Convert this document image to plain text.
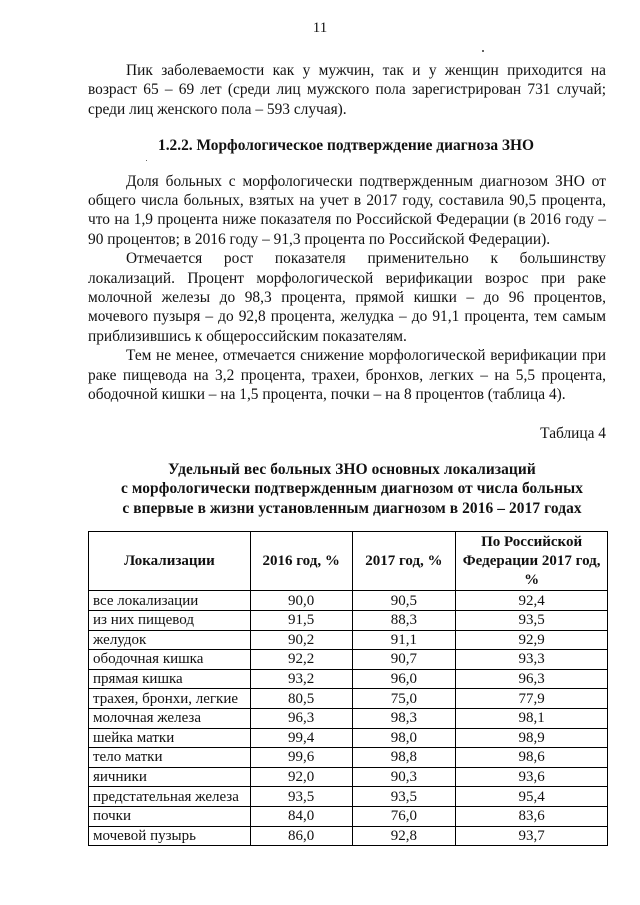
11

Пик заболеваемости как у мужчин, так и у женщин приходится на возраст 65 – 69 лет (среди лиц мужского пола зарегистрирован 731 случай; среди лиц женского пола – 593 случая).

1.2.2. Морфологическое подтверждение диагноза ЗНО

Доля больных с морфологически подтвержденным диагнозом ЗНО от общего числа больных, взятых на учет в 2017 году, составила 90,5 процента, что на 1,9 процента ниже показателя по Российской Федерации (в 2016 году – 90 процентов; в 2016 году – 91,3 процента по Российской Федерации).

Отмечается рост показателя применительно к большинству локализаций. Процент морфологической верификации возрос при раке молочной железы до 98,3 процента, прямой кишки – до 96 процентов, мочевого пузыря – до 92,8 процента, желудка – до 91,1 процента, тем самым приблизившись к общероссийским показателям.

Тем не менее, отмечается снижение морфологической верификации при раке пищевода на 3,2 процента, трахеи, бронхов, легких – на 5,5 процента, ободочной кишки – на 1,5 процента, почки – на 8 процентов (таблица 4).

Таблица 4

Удельный вес больных ЗНО основных локализаций
с морфологически подтвержденным диагнозом от числа больных
с впервые в жизни установленным диагнозом в 2016 – 2017 годах
Локализации	2016 год, %	2017 год, %	По Российской Федерации 2017 год, %
все локализации	90,0	90,5	92,4
из них пищевод	91,5	88,3	93,5
желудок	90,2	91,1	92,9
ободочная кишка	92,2	90,7	93,3
прямая кишка	93,2	96,0	96,3
трахея, бронхи, легкие	80,5	75,0	77,9
молочная железа	96,3	98,3	98,1
шейка матки	99,4	98,0	98,9
тело матки	99,6	98,8	98,6
яичники	92,0	90,3	93,6
предстательная железа	93,5	93,5	95,4
почки	84,0	76,0	83,6
мочевой пузырь	86,0	92,8	93,7
